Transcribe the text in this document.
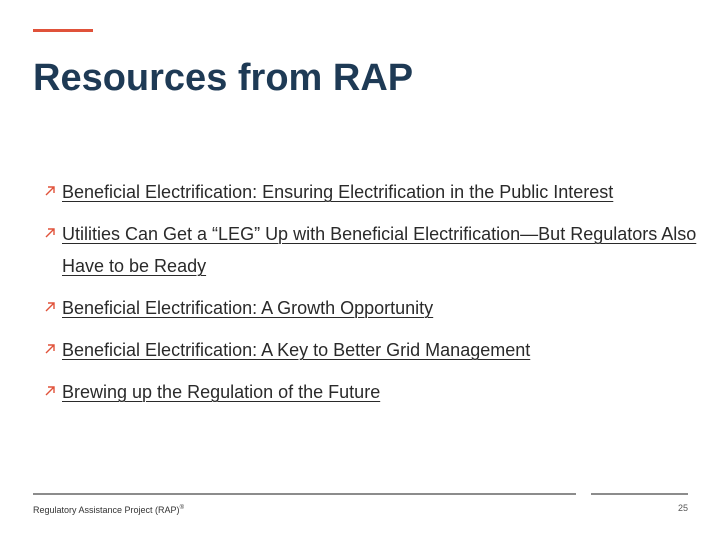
Resources from RAP
Beneficial Electrification: Ensuring Electrification in the Public Interest
Utilities Can Get a “LEG” Up with Beneficial Electrification—But Regulators Also Have to be Ready
Beneficial Electrification: A Growth Opportunity
Beneficial Electrification: A Key to Better Grid Management
Brewing up the Regulation of the Future
Regulatory Assistance Project (RAP)®	25
